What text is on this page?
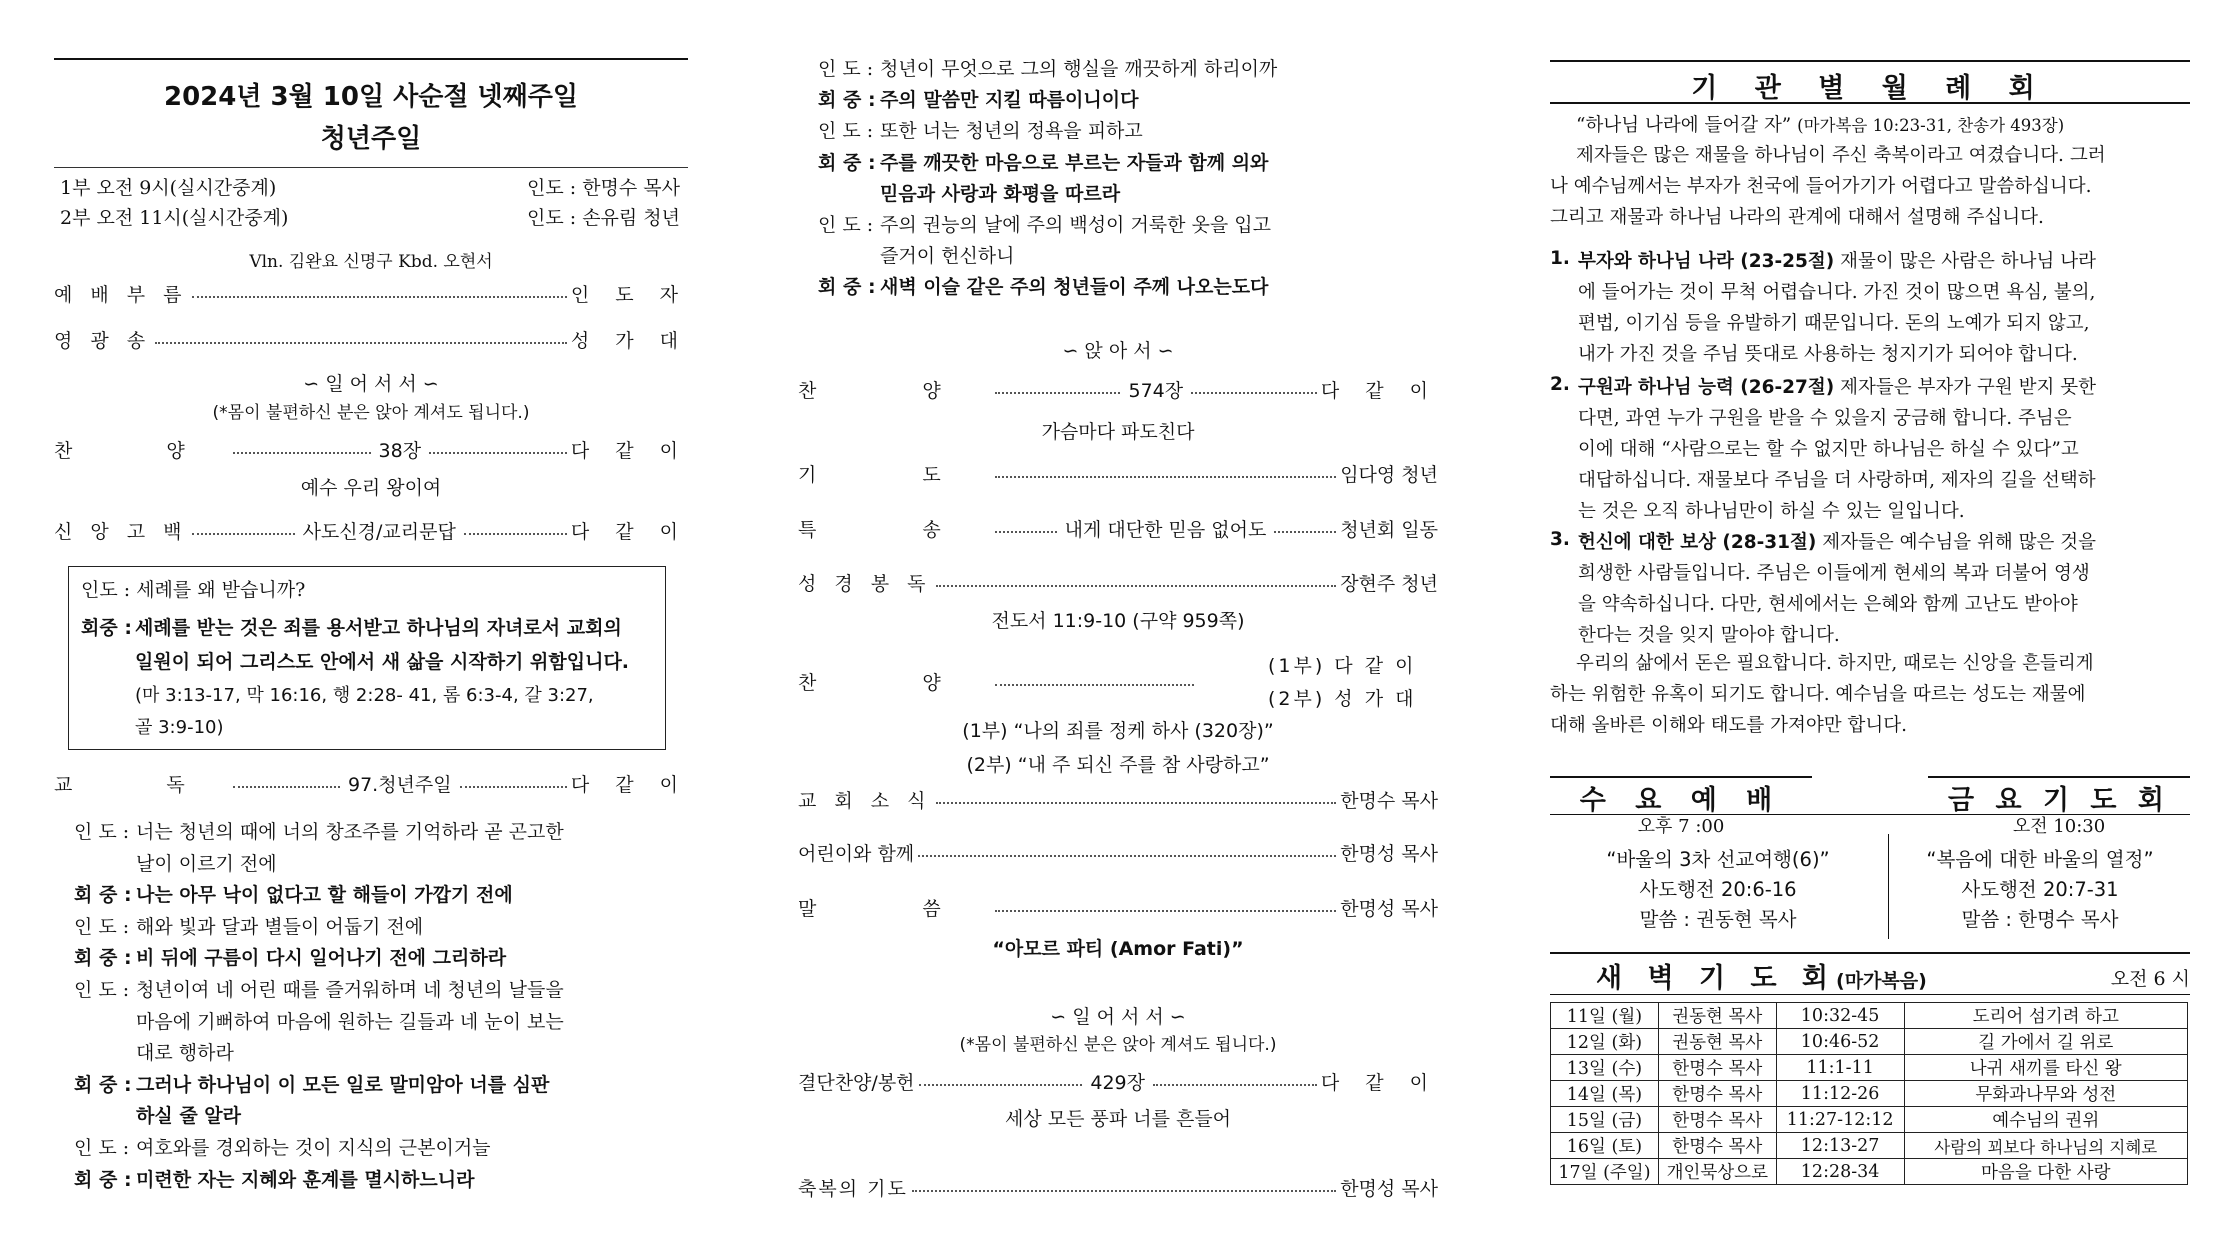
2024년 3월 10일 사순절 넷째주일
청년주일
1부 오전 9시(실시간중계)	인도 : 한명수 목사
2부 오전 11시(실시간중계)	인도 : 손유림 청년
Vln. 김완요 신명구 Kbd. 오현서
예 배 부 름	인 도 자
영 광 송	성 가 대
∽ 일 어 서 서 ∽
(*몸이 불편하신 분은 앉아 계셔도 됩니다.)
찬 양	38장	다 같 이
예수 우리 왕이여
신 앙 고 백	사도신경/교리문답	다 같 이
인도 : 세례를 왜 받습니까?
회중 : 세례를 받는 것은 죄를 용서받고 하나님의 자녀로서 교회의
일원이 되어 그리스도 안에서 새 삶을 시작하기 위함입니다.
(마 3:13-17, 막 16:16, 행 2:28- 41, 롬 6:3-4, 갈 3:27,
골 3:9-10)
교 독	97.청년주일	다 같 이
인 도 : 너는 청년의 때에 너의 창조주를 기억하라 곧 곤고한
날이 이르기 전에
회 중 : 나는 아무 낙이 없다고 할 해들이 가깝기 전에
인 도 : 해와 빛과 달과 별들이 어둡기 전에
회 중 : 비 뒤에 구름이 다시 일어나기 전에 그리하라
인 도 : 청년이여 네 어린 때를 즐거워하며 네 청년의 날들을
마음에 기뻐하여 마음에 원하는 길들과 네 눈이 보는
대로 행하라
회 중 : 그러나 하나님이 이 모든 일로 말미암아 너를 심판
하실 줄 알라
인 도 : 여호와를 경외하는 것이 지식의 근본이거늘
회 중 : 미련한 자는 지혜와 훈계를 멸시하느니라
인 도 : 청년이 무엇으로 그의 행실을 깨끗하게 하리이까
회 중 : 주의 말씀만 지킬 따름이니이다
인 도 : 또한 너는 청년의 정욕을 피하고
회 중 : 주를 깨끗한 마음으로 부르는 자들과 함께 의와
믿음과 사랑과 화평을 따르라
인 도 : 주의 권능의 날에 주의 백성이 거룩한 옷을 입고
즐거이 헌신하니
회 중 : 새벽 이슬 같은 주의 청년들이 주께 나오는도다
∽ 앉 아 서 ∽
찬 양	574장	다 같 이
가슴마다 파도친다
기 도	임다영 청년
특 송	내게 대단한 믿음 없어도	청년회 일동
성 경 봉 독	장현주 청년
전도서 11:9-10 (구약 959쪽)
찬 양
(1부) 다 같 이
(2부) 성 가 대
(1부) “나의 죄를 정케 하사 (320장)”
(2부) “내 주 되신 주를 참 사랑하고”
교 회 소 식	한명수 목사
어린이와 함께	한명성 목사
말 씀	한명성 목사
“아모르 파티 (Amor Fati)”
∽ 일 어 서 서 ∽
(*몸이 불편하신 분은 앉아 계셔도 됩니다.)
결단찬양/봉헌	429장	다 같 이
세상 모든 풍파 너를 흔들어
축복의 기도	한명성 목사
기 관 별 월 례 회
“하나님 나라에 들어갈 자” (마가복음 10:23-31, 찬송가 493장)
제자들은 많은 재물을 하나님이 주신 축복이라고 여겼습니다. 그러
나 예수님께서는 부자가 천국에 들어가기가 어렵다고 말씀하십니다.
그리고 재물과 하나님 나라의 관계에 대해서 설명해 주십니다.
1. 부자와 하나님 나라 (23-25절) 재물이 많은 사람은 하나님 나라
에 들어가는 것이 무척 어렵습니다. 가진 것이 많으면 욕심, 불의,
편법, 이기심 등을 유발하기 때문입니다. 돈의 노예가 되지 않고,
내가 가진 것을 주님 뜻대로 사용하는 청지기가 되어야 합니다.
2. 구원과 하나님 능력 (26-27절) 제자들은 부자가 구원 받지 못한
다면, 과연 누가 구원을 받을 수 있을지 궁금해 합니다. 주님은
이에 대해 “사람으로는 할 수 없지만 하나님은 하실 수 있다”고
대답하십니다. 재물보다 주님을 더 사랑하며, 제자의 길을 선택하
는 것은 오직 하나님만이 하실 수 있는 일입니다.
3. 헌신에 대한 보상 (28-31절) 제자들은 예수님을 위해 많은 것을
희생한 사람들입니다. 주님은 이들에게 현세의 복과 더불어 영생
을 약속하십니다. 다만, 현세에서는 은혜와 함께 고난도 받아야
한다는 것을 잊지 말아야 합니다.
우리의 삶에서 돈은 필요합니다. 하지만, 때로는 신앙을 흔들리게
하는 위험한 유혹이 되기도 합니다. 예수님을 따르는 성도는 재물에
대해 올바른 이해와 태도를 가져야만 합니다.
수 요 예 배	금 요 기 도 회
오후 7 :00	오전 10:30
“바울의 3차 선교여행(6)”	“복음에 대한 바울의 열정”
사도행전 20:6-16	사도행전 20:7-31
말씀 : 권동현 목사	말씀 : 한명수 목사
새 벽 기 도 회(마가복음)	오전 6 시
11일 (월)	권동현 목사	10:32-45	도리어 섬기려 하고
12일 (화)	권동현 목사	10:46-52	길 가에서 길 위로
13일 (수)	한명수 목사	11:1-11	나귀 새끼를 타신 왕
14일 (목)	한명수 목사	11:12-26	무화과나무와 성전
15일 (금)	한명수 목사	11:27-12:12	예수님의 권위
16일 (토)	한명수 목사	12:13-27	사람의 꾀보다 하나님의 지혜로
17일 (주일)	개인묵상으로	12:28-34	마음을 다한 사랑
